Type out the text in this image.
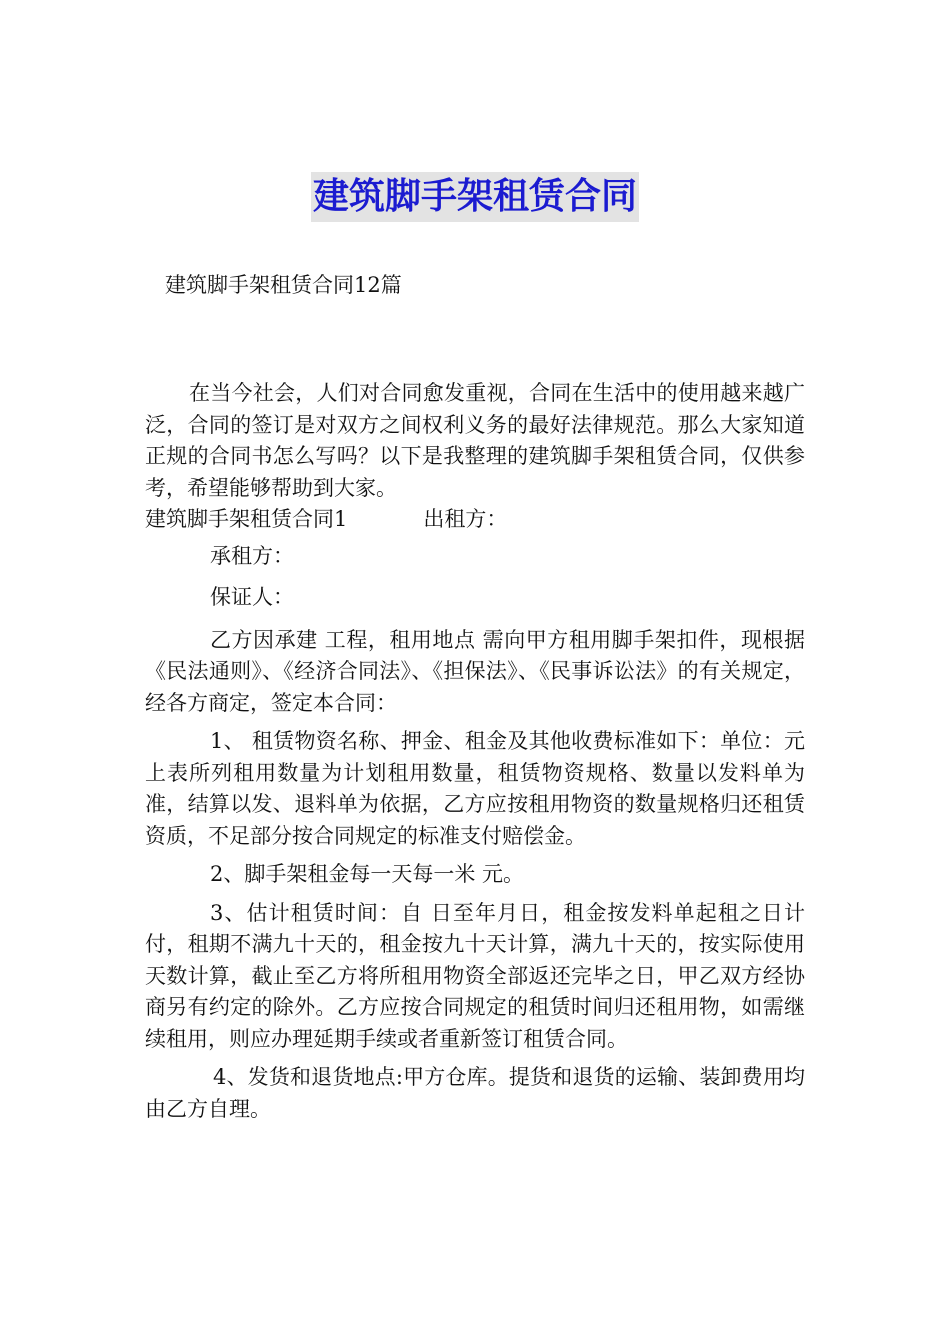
建筑脚手架租赁合同
建筑脚手架租赁合同12篇

在当今社会，人们对合同愈发重视，合同在生活中的使用越来越广泛，合同的签订是对双方之间权利义务的最好法律规范。那么大家知道正规的合同书怎么写吗？以下是我整理的建筑脚手架租赁合同，仅供参考，希望能够帮助到大家。

建筑脚手架租赁合同1	出租方：

承租方：

保证人：

乙方因承建 工程，租用地点 需向甲方租用脚手架扣件，现根据《民法通则》、《经济合同法》、《担保法》、《民事诉讼法》的有关规定，经各方商定，签定本合同：

1、 租赁物资名称、押金、租金及其他收费标准如下：单位：元上表所列租用数量为计划租用数量，租赁物资规格、数量以发料单为准，结算以发、退料单为依据，乙方应按租用物资的数量规格归还租赁资质，不足部分按合同规定的标准支付赔偿金。

2、脚手架租金每一天每一米 元。

3、估计租赁时间：自 日至年月日，租金按发料单起租之日计付，租期不满九十天的，租金按九十天计算，满九十天的，按实际使用天数计算，截止至乙方将所租用物资全部返还完毕之日，甲乙双方经协商另有约定的除外。乙方应按合同规定的租赁时间归还租用物，如需继续租用，则应办理延期手续或者重新签订租赁合同。

4、发货和退货地点:甲方仓库。提货和退货的运输、装卸费用均由乙方自理。
